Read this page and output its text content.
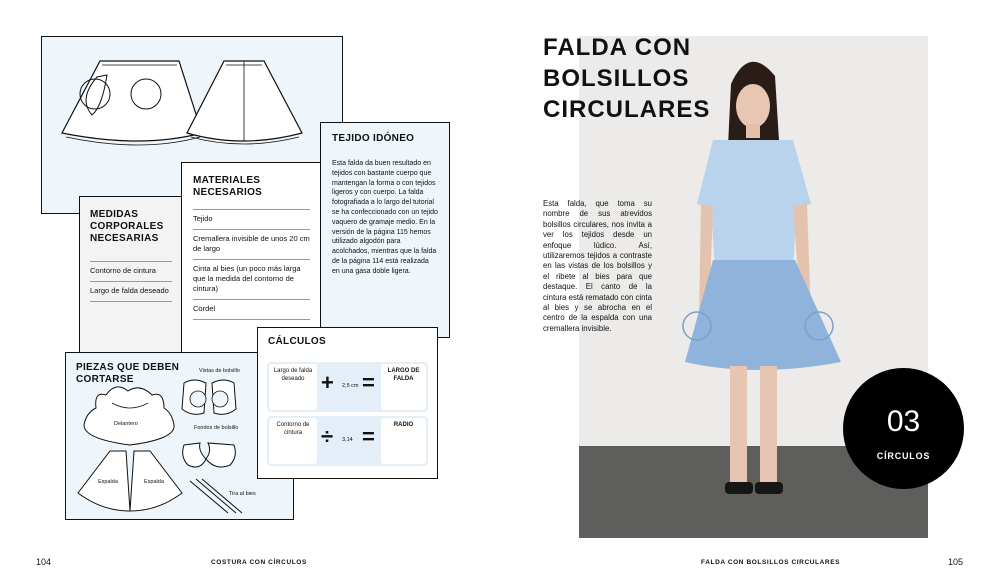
MEDIDAS CORPORALES NECESARIAS
Contorno de cintura
Largo de falda deseado
MATERIALES NECESARIOS
Tejido
Cremallera invisible de unos 20 cm de largo
Cinta al bies (un poco más larga que la medida del contorno de cintura)
Cordel
TEJIDO IDÓNEO
Esta falda da buen resultado en tejidos con bastante cuerpo que mantengan la forma o con tejidos ligeros y con cuerpo. La falda fotografiada a lo largo del tutorial se ha confeccionado con un tejido vaquero de gramaje medio. En la versión de la página 115 hemos utilizado algodón para acolchados, mientras que la falda de la página 114 está realizada en una gasa doble ligera.
PIEZAS QUE DEBEN CORTARSE
Delantero
Vistas de bolsillo
Fondos de bolsillo
Espalda	Espalda
Tira al bies
CÁLCULOS
Largo de falda deseado + 2,5 cm =	LARGO DE FALDA
Contorno de cintura ÷ 3,14 =	RADIO
104	COSTURA CON CÍRCULOS
FALDA CON
BOLSILLOS
CIRCULARES
Esta falda, que toma su nombre de sus atrevidos bolsillos circulares, nos invita a ver los tejidos desde un enfoque lúdico. Así, utilizaremos tejidos a contraste en las vistas de los bolsillos y el ribete al bies para que destaque. El canto de la cintura está rematado con cinta al bies y se abrocha en el centro de la espalda con una cremallera invisible.
03
CÍRCULOS
FALDA CON BOLSILLOS CIRCULARES	105
